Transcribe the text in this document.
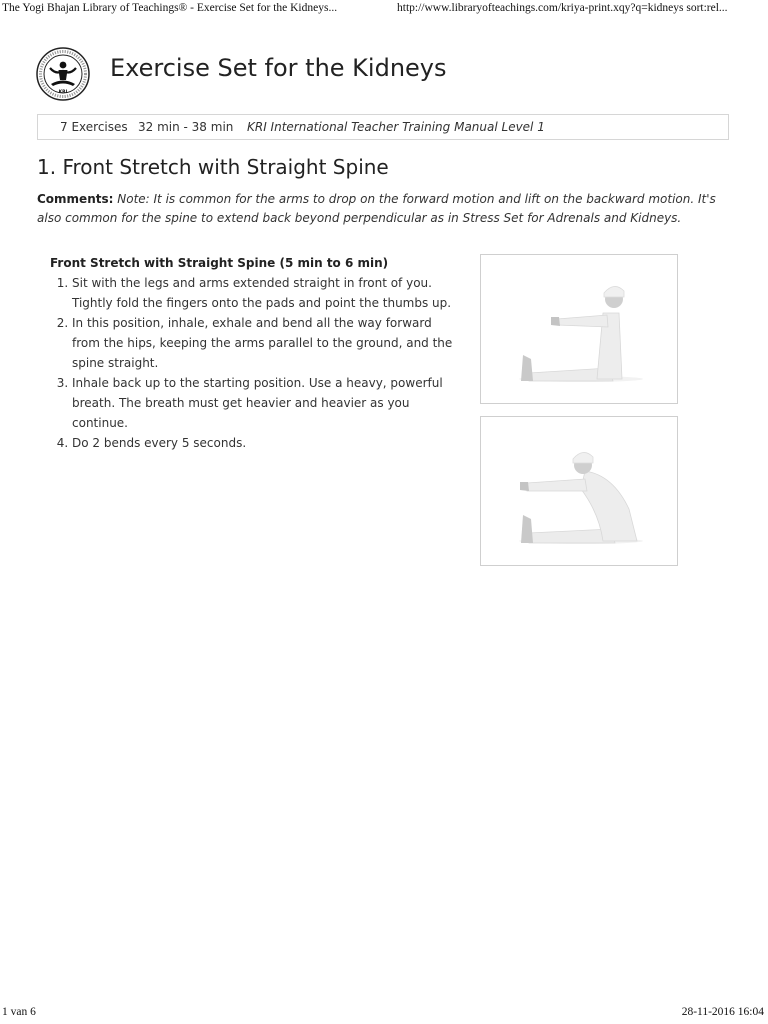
The Yogi Bhajan Library of Teachings® - Exercise Set for the Kidneys...	http://www.libraryofteachings.com/kriya-print.xqy?q=kidneys sort:rel...
KRI
Exercise Set for the Kidneys
7 Exercises 32 min - 38 min KRI International Teacher Training Manual Level 1
1. Front Stretch with Straight Spine
Comments: Note: It is common for the arms to drop on the forward motion and lift on the backward motion. It's also common for the spine to extend back beyond perpendicular as in Stress Set for Adrenals and Kidneys.
Front Stretch with Straight Spine (5 min to 6 min)
1. Sit with the legs and arms extended straight in front of you. Tightly fold the fingers onto the pads and point the thumbs up.
2. In this position, inhale, exhale and bend all the way forward from the hips, keeping the arms parallel to the ground, and the spine straight.
3. Inhale back up to the starting position. Use a heavy, powerful breath. The breath must get heavier and heavier as you continue.
4. Do 2 bends every 5 seconds.
1 van 6	28-11-2016 16:04
